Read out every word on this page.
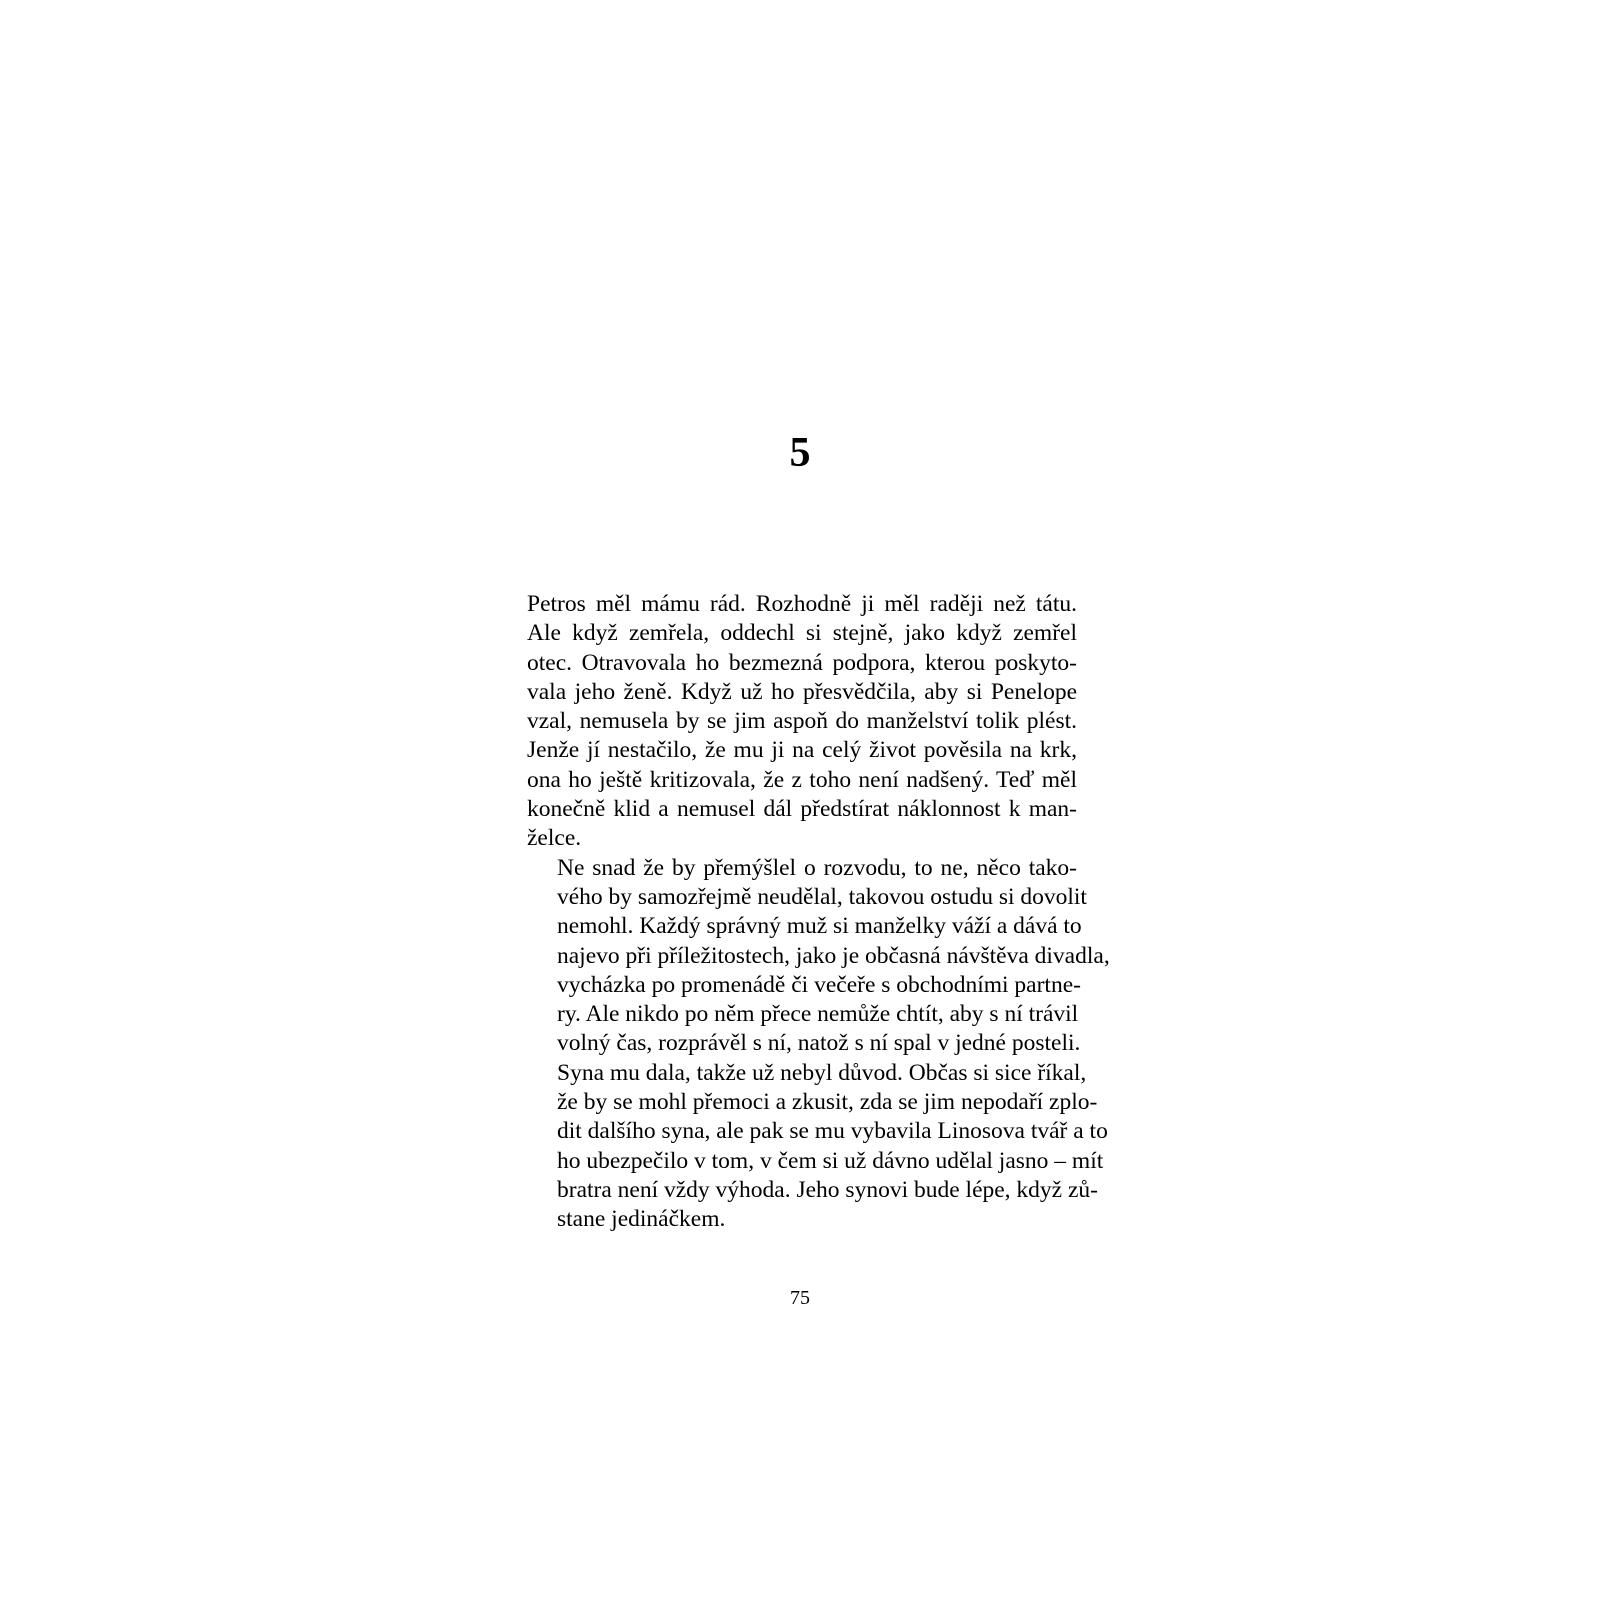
5

Petros měl mámu rád. Rozhodně ji měl raději než tátu.
Ale když zemřela, oddechl si stejně, jako když zemřel
otec. Otravovala ho bezmezná podpora, kterou poskyto-
vala jeho ženě. Když už ho přesvědčila, aby si Penelope
vzal, nemusela by se jim aspoň do manželství tolik plést.
Jenže jí nestačilo, že mu ji na celý život pověsila na krk,
ona ho ještě kritizovala, že z toho není nadšený. Teď měl
konečně klid a nemusel dál předstírat náklonnost k man-
želce.

Ne snad že by přemýšlel o rozvodu, to ne, něco tako-
vého by samozřejmě neudělal, takovou ostudu si dovolit
nemohl. Každý správný muž si manželky váží a dává to
najevo při příležitostech, jako je občasná návštěva divadla,
vycházka po promenádě či večeře s obchodními partne-
ry. Ale nikdo po něm přece nemůže chtít, aby s ní trávil
volný čas, rozprávěl s ní, natož s ní spal v jedné posteli.
Syna mu dala, takže už nebyl důvod. Občas si sice říkal,
že by se mohl přemoci a zkusit, zda se jim nepodaří zplo-
dit dalšího syna, ale pak se mu vybavila Linosova tvář a to
ho ubezpečilo v tom, v čem si už dávno udělal jasno – mít
bratra není vždy výhoda. Jeho synovi bude lépe, když zů-
stane jedináčkem.

75
